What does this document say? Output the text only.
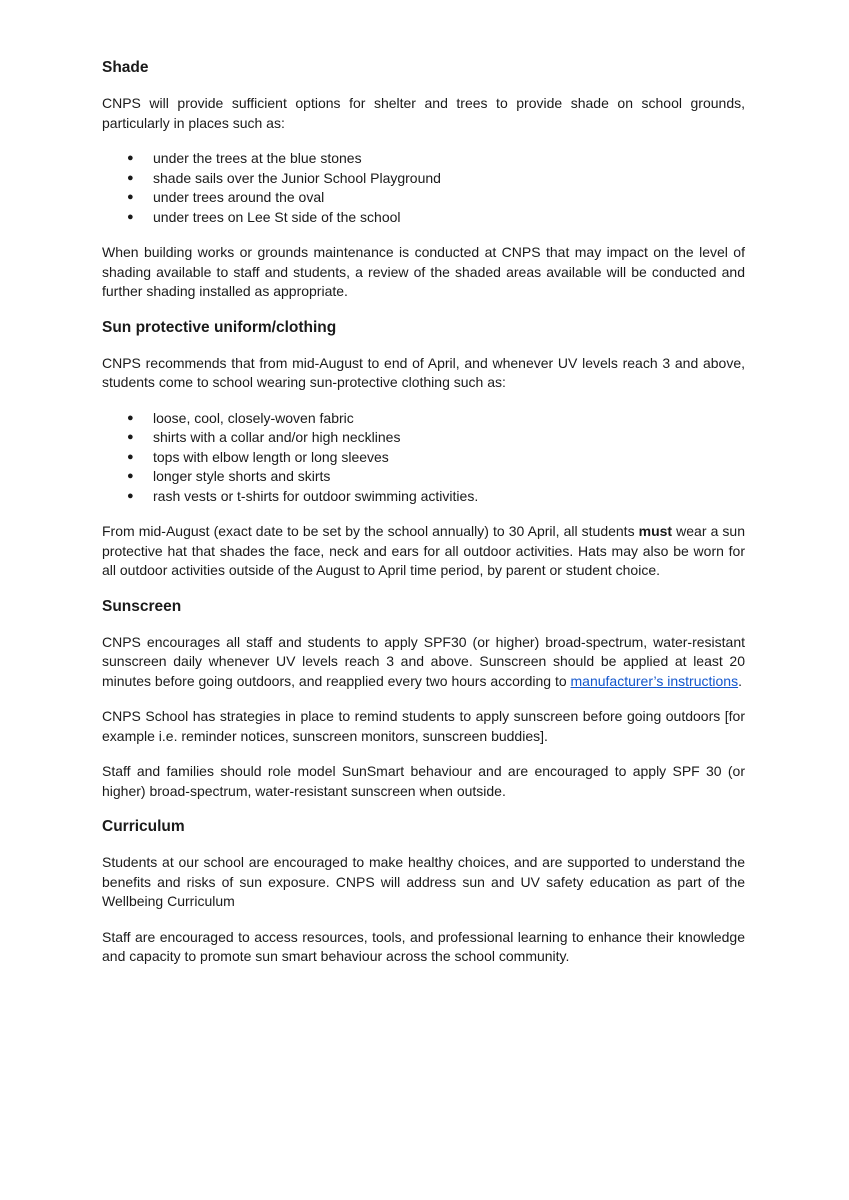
Shade

CNPS will provide sufficient options for shelter and trees to provide shade on school grounds, particularly in places such as:

● under the trees at the blue stones
● shade sails over the Junior School Playground
● under trees around the oval
● under trees on Lee St side of the school

When building works or grounds maintenance is conducted at CNPS that may impact on the level of shading available to staff and students, a review of the shaded areas available will be conducted and further shading installed as appropriate.

Sun protective uniform/clothing

CNPS recommends that from mid-August to end of April, and whenever UV levels reach 3 and above, students come to school wearing sun-protective clothing such as:

● loose, cool, closely-woven fabric
● shirts with a collar and/or high necklines
● tops with elbow length or long sleeves
● longer style shorts and skirts
● rash vests or t-shirts for outdoor swimming activities.

From mid-August (exact date to be set by the school annually) to 30 April, all students must wear a sun protective hat that shades the face, neck and ears for all outdoor activities. Hats may also be worn for all outdoor activities outside of the August to April time period, by parent or student choice.

Sunscreen

CNPS encourages all staff and students to apply SPF30 (or higher) broad-spectrum, water-resistant sunscreen daily whenever UV levels reach 3 and above. Sunscreen should be applied at least 20 minutes before going outdoors, and reapplied every two hours according to manufacturer’s instructions.

CNPS School has strategies in place to remind students to apply sunscreen before going outdoors [for example i.e. reminder notices, sunscreen monitors, sunscreen buddies].

Staff and families should role model SunSmart behaviour and are encouraged to apply SPF 30 (or higher) broad-spectrum, water-resistant sunscreen when outside.

Curriculum

Students at our school are encouraged to make healthy choices, and are supported to understand the benefits and risks of sun exposure. CNPS will address sun and UV safety education as part of the Wellbeing Curriculum

Staff are encouraged to access resources, tools, and professional learning to enhance their knowledge and capacity to promote sun smart behaviour across the school community.
